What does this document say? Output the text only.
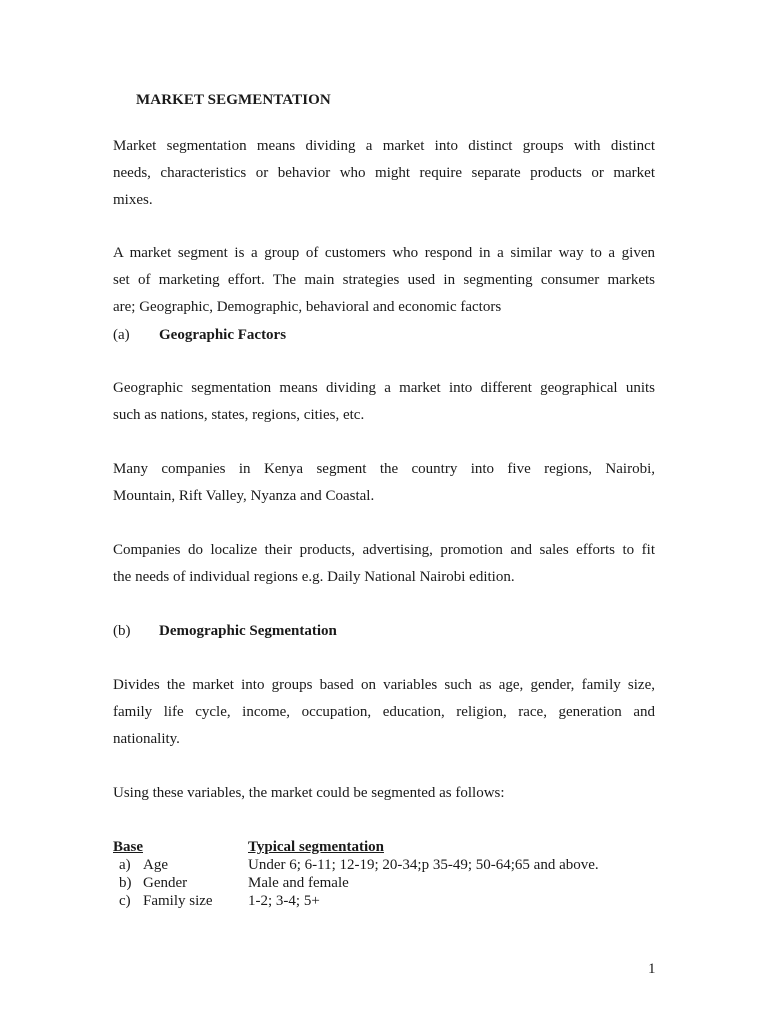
MARKET SEGMENTATION
Market segmentation means dividing a market into distinct groups with distinct
needs, characteristics or behavior who might require separate products or market
mixes.
A market segment is a group of customers who respond in a similar way to a given
set of marketing effort. The main strategies used in segmenting consumer markets
are; Geographic, Demographic, behavioral and economic factors
(a) Geographic Factors
Geographic segmentation means dividing a market into different geographical units
such as nations, states, regions, cities, etc.
Many companies in Kenya segment the country into five regions, Nairobi,
Mountain, Rift Valley, Nyanza and Coastal.
Companies do localize their products, advertising, promotion and sales efforts to fit
the needs of individual regions e.g. Daily National Nairobi edition.
(b) Demographic Segmentation
Divides the market into groups based on variables such as age, gender, family size,
family life cycle, income, occupation, education, religion, race, generation and
nationality.
Using these variables, the market could be segmented as follows:
Base	Typical segmentation
a) Age	Under 6; 6-11; 12-19; 20-34;p 35-49; 50-64;65 and above.
b) Gender	Male and female
c) Family size 1-2; 3-4; 5+
1
